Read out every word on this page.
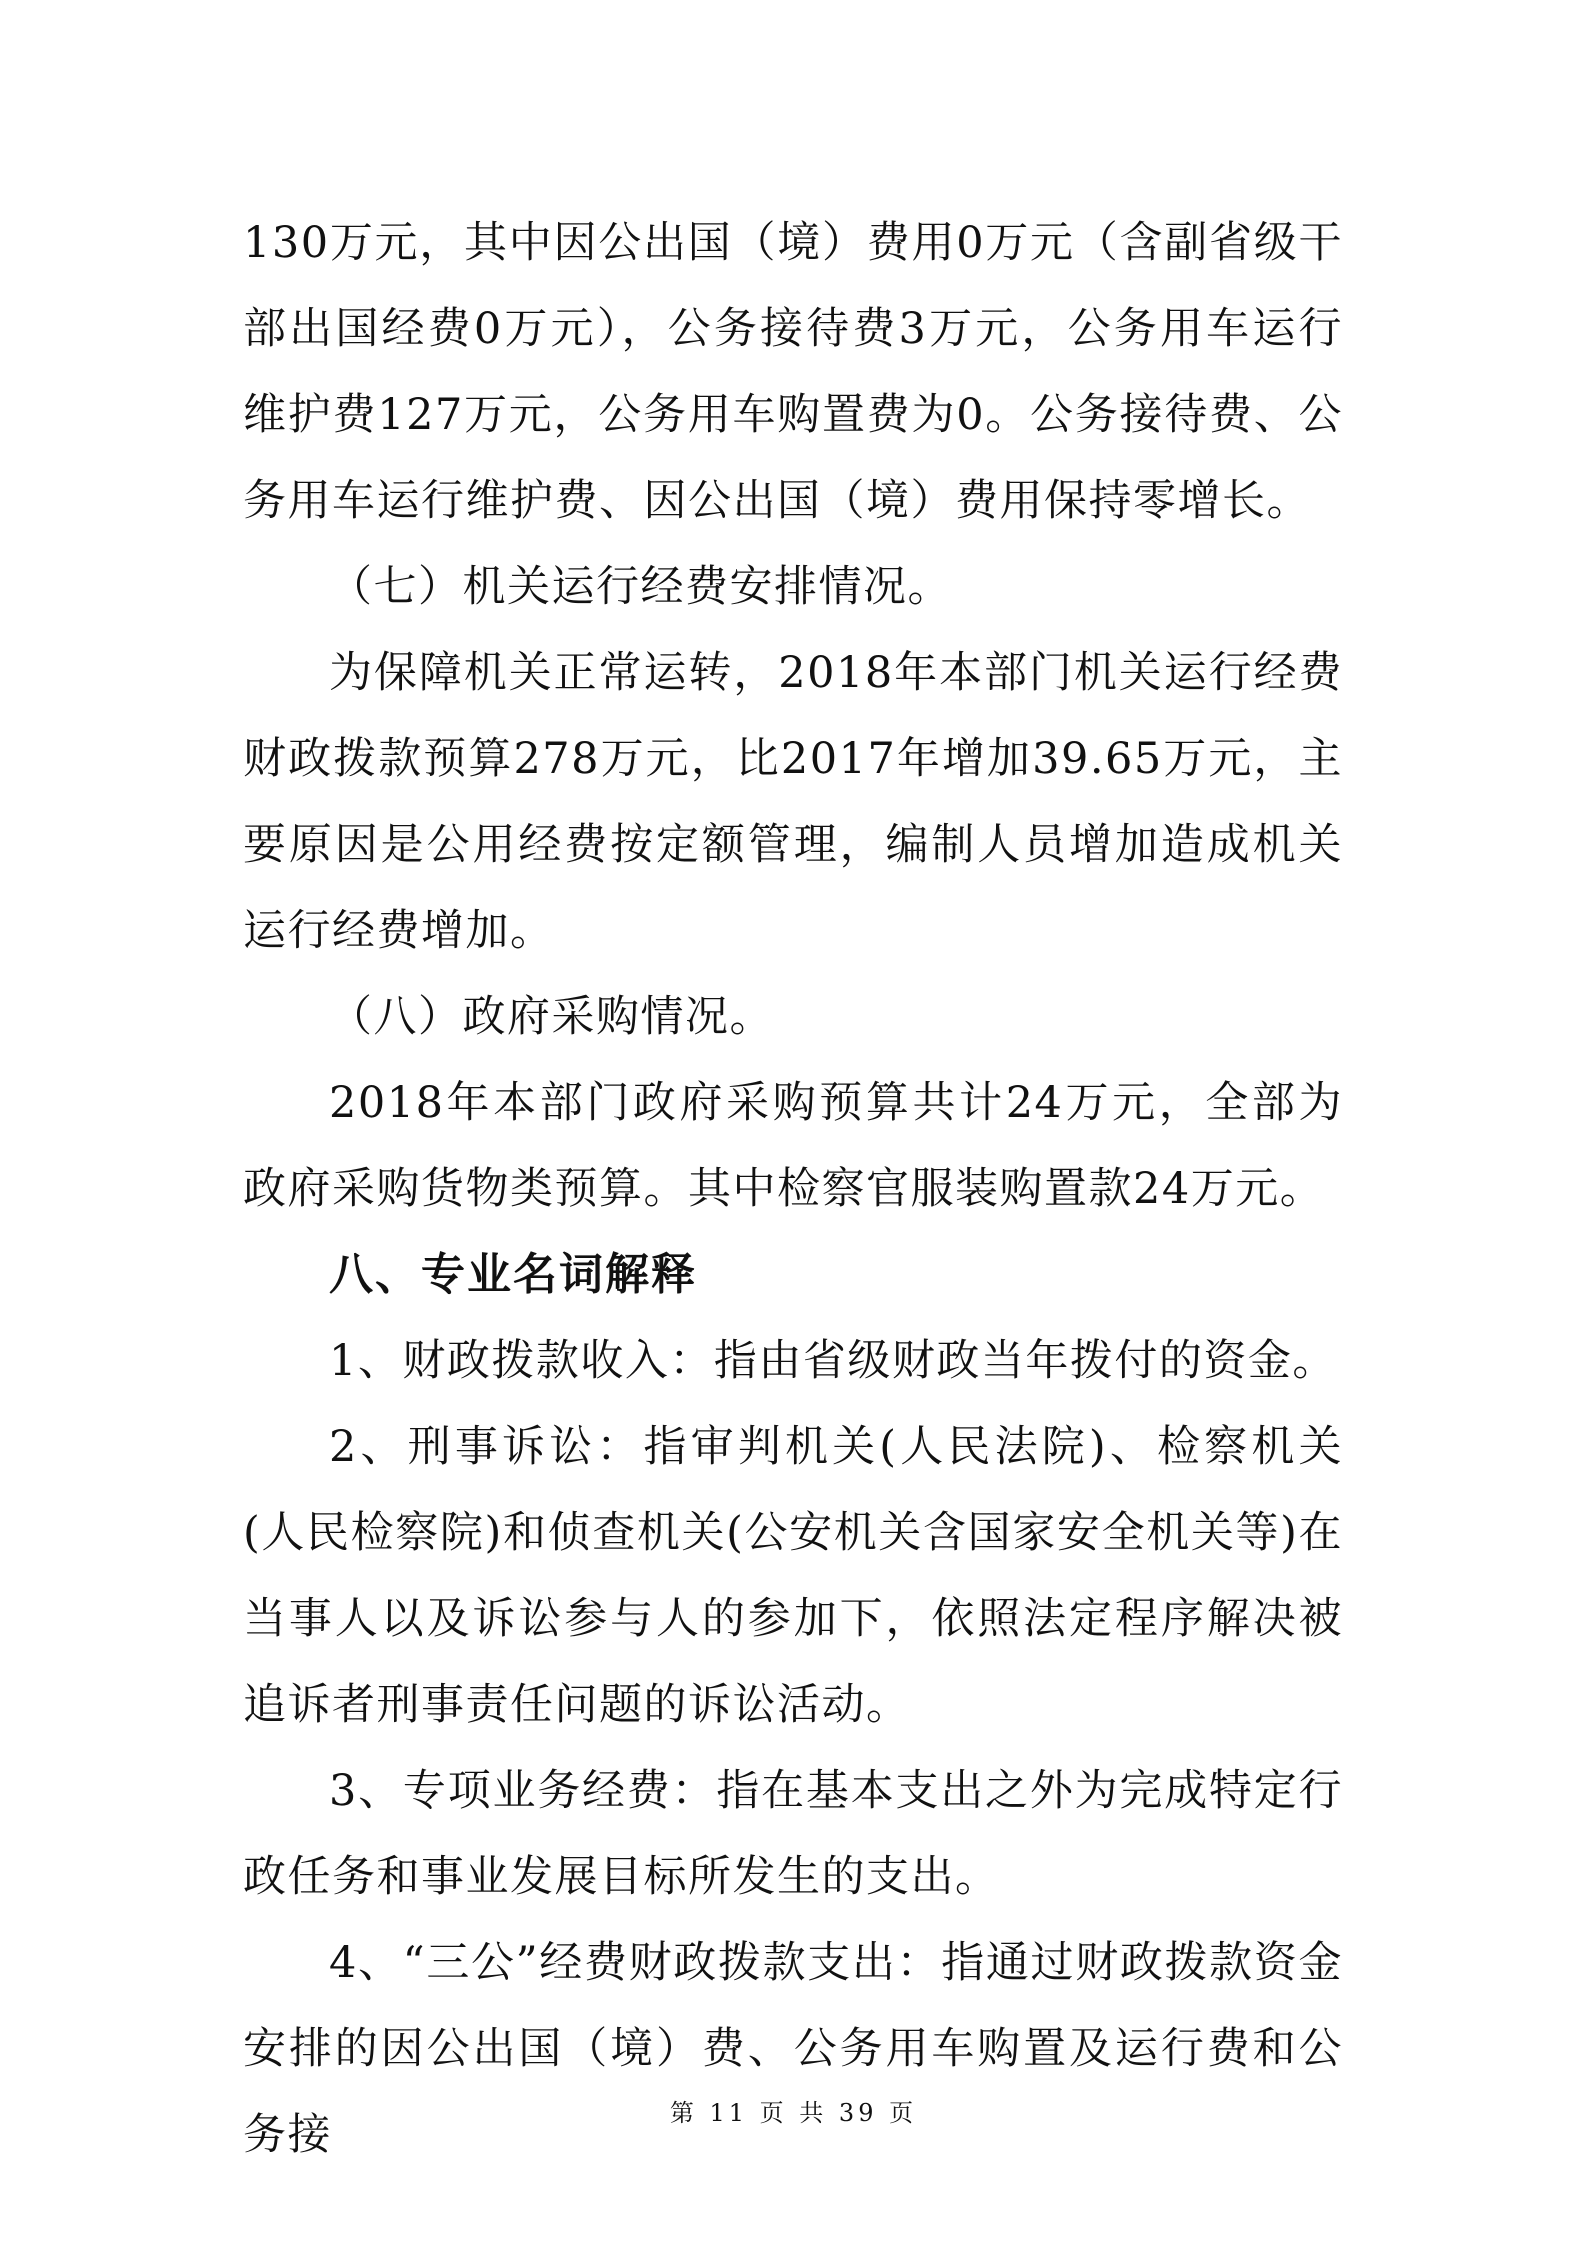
130万元，其中因公出国（境）费用0万元（含副省级干部出国经费0万元），公务接待费3万元，公务用车运行维护费127万元，公务用车购置费为0。公务接待费、公务用车运行维护费、因公出国（境）费用保持零增长。

（七）机关运行经费安排情况。

为保障机关正常运转，2018年本部门机关运行经费财政拨款预算278万元，比2017年增加39.65万元，主要原因是公用经费按定额管理，编制人员增加造成机关运行经费增加。

（八）政府采购情况。

2018年本部门政府采购预算共计24万元，全部为政府采购货物类预算。其中检察官服装购置款24万元。

八、专业名词解释

1、财政拨款收入：指由省级财政当年拨付的资金。

2、刑事诉讼：指审判机关(人民法院)、检察机关(人民检察院)和侦查机关(公安机关含国家安全机关等)在当事人以及诉讼参与人的参加下，依照法定程序解决被追诉者刑事责任问题的诉讼活动。

3、专项业务经费：指在基本支出之外为完成特定行政任务和事业发展目标所发生的支出。

4、“三公”经费财政拨款支出：指通过财政拨款资金安排的因公出国（境）费、公务用车购置及运行费和公务接	第 11 页 共 39 页
